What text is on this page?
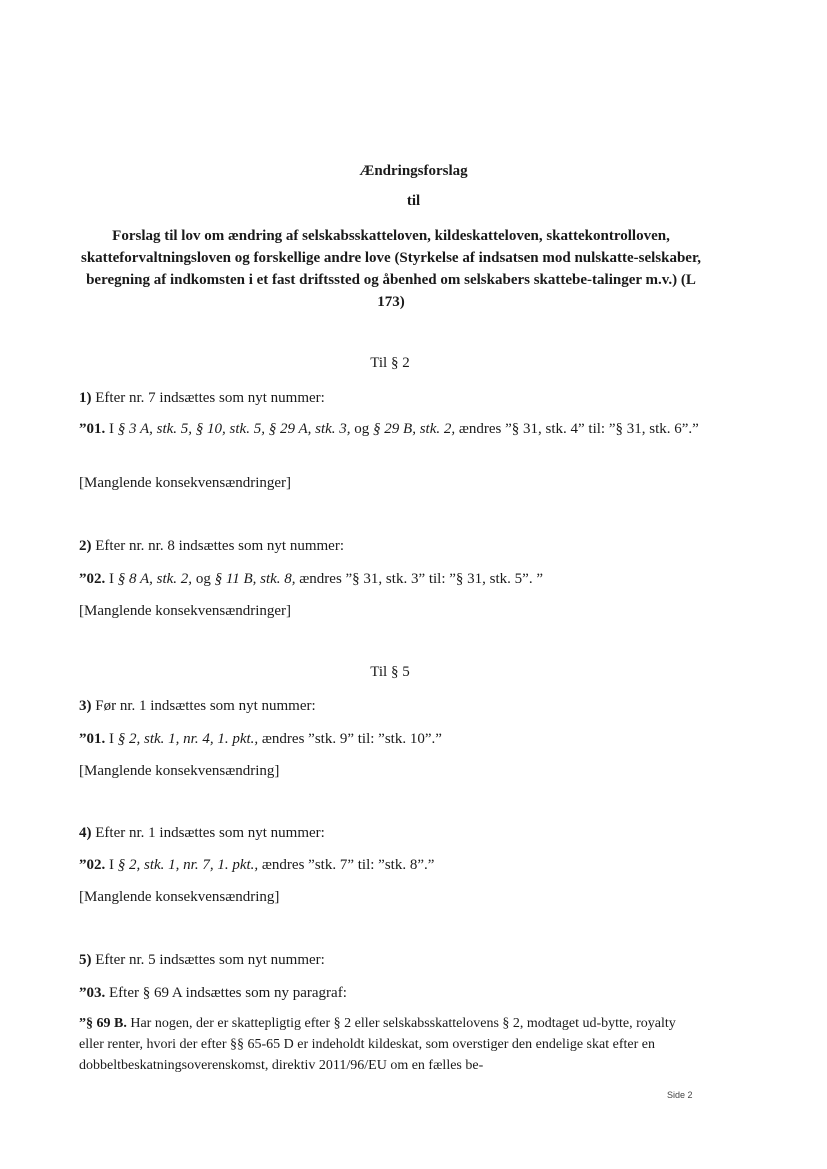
Ændringsforslag
til
Forslag til lov om ændring af selskabsskatteloven, kildeskatteloven, skattekontrolloven, skatteforvaltningsloven og forskellige andre love (Styrkelse af indsatsen mod nulskatte-selskaber, beregning af indkomsten i et fast driftssted og åbenhed om selskabers skattebe-talinger m.v.) (L 173)
Til § 2
1) Efter nr. 7 indsættes som nyt nummer:
”01. I § 3 A, stk. 5, § 10, stk. 5, § 29 A, stk. 3, og § 29 B, stk. 2, ændres ”§ 31, stk. 4” til: ”§ 31, stk. 6”.”
[Manglende konsekvensændringer]
2) Efter nr. nr. 8 indsættes som nyt nummer:
”02. I § 8 A, stk. 2, og § 11 B, stk. 8, ændres ”§ 31, stk. 3” til: ”§ 31, stk. 5”. ”
[Manglende konsekvensændringer]
Til § 5
3) Før nr. 1 indsættes som nyt nummer:
”01. I § 2, stk. 1, nr. 4, 1. pkt., ændres ”stk. 9” til: ”stk. 10”.”
[Manglende konsekvensændring]
4) Efter nr. 1 indsættes som nyt nummer:
”02. I § 2, stk. 1, nr. 7, 1. pkt., ændres ”stk. 7” til: ”stk. 8”.”
[Manglende konsekvensændring]
5) Efter nr. 5 indsættes som nyt nummer:
”03. Efter § 69 A indsættes som ny paragraf:
”§ 69 B. Har nogen, der er skattepligtig efter § 2 eller selskabsskattelovens § 2, modtaget ud-bytte, royalty eller renter, hvori der efter §§ 65-65 D er indeholdt kildeskat, som overstiger den endelige skat efter en dobbeltbeskatningsoverenskomst, direktiv 2011/96/EU om en fælles be-
Side 2
